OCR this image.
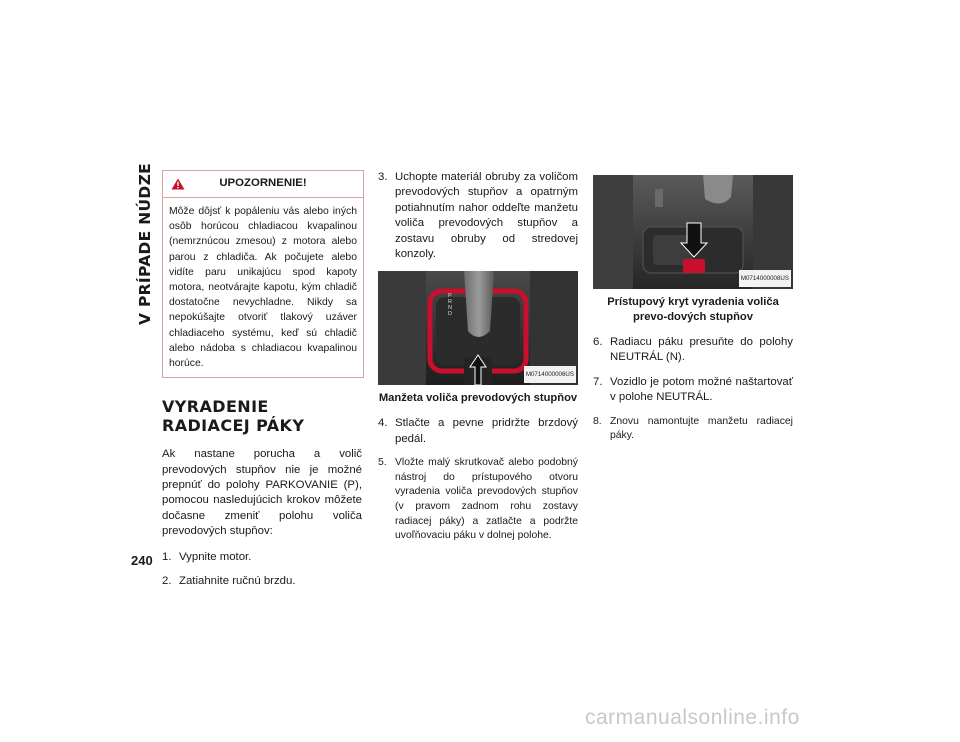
V PRÍPADE NÚDZE	UPOZORNENIE!
Môže dôjsť k popáleniu vás alebo iných osôb horúcou chladiacou kvapalinou (nemrznúcou zmesou) z motora alebo parou z chladiča. Ak počujete alebo vidíte paru unikajúcu spod kapoty motora, neotvárajte kapotu, kým chladič dostatočne nevychladne. Nikdy sa nepokúšajte otvoriť tlakový uzáver chladiaceho systému, keď sú chladič alebo nádoba s chladiacou kvapalinou horúce.
VYRADENIE RADIACEJ PÁKY

Ak nastane porucha a volič prevodových stupňov nie je možné prepnúť do polohy PARKOVANIE (P), pomocou nasledujúcich krokov môžete dočasne zmeniť polohu voliča prevodových stupňov:

1. Vypnite motor.
2. Zatiahnite ručnú brzdu.
3. Uchopte materiál obruby za voličom prevodových stupňov a opatrným potiahnutím nahor oddeľte manžetu voliča prevodových stupňov a zostavu obruby od stredovej konzoly.
P R N D
M0714000006US
Manžeta voliča prevodových stupňov
4. Stlačte a pevne pridržte brzdový pedál.
5. Vložte malý skrutkovač alebo podobný nástroj do prístupového otvoru vyradenia voliča prevodových stupňov (v pravom zadnom rohu zostavy radiacej páky) a zatlačte a podržte uvoľňovaciu páku v dolnej polohe.
M0714000008US
Prístupový kryt vyradenia voliča prevo-dových stupňov
6. Radiacu páku presuňte do polohy NEUTRÁL (N).
7. Vozidlo je potom možné naštartovať v polohe NEUTRÁL.
8. Znovu namontujte manžetu radiacej páky.
240
carmanualsonline.info
